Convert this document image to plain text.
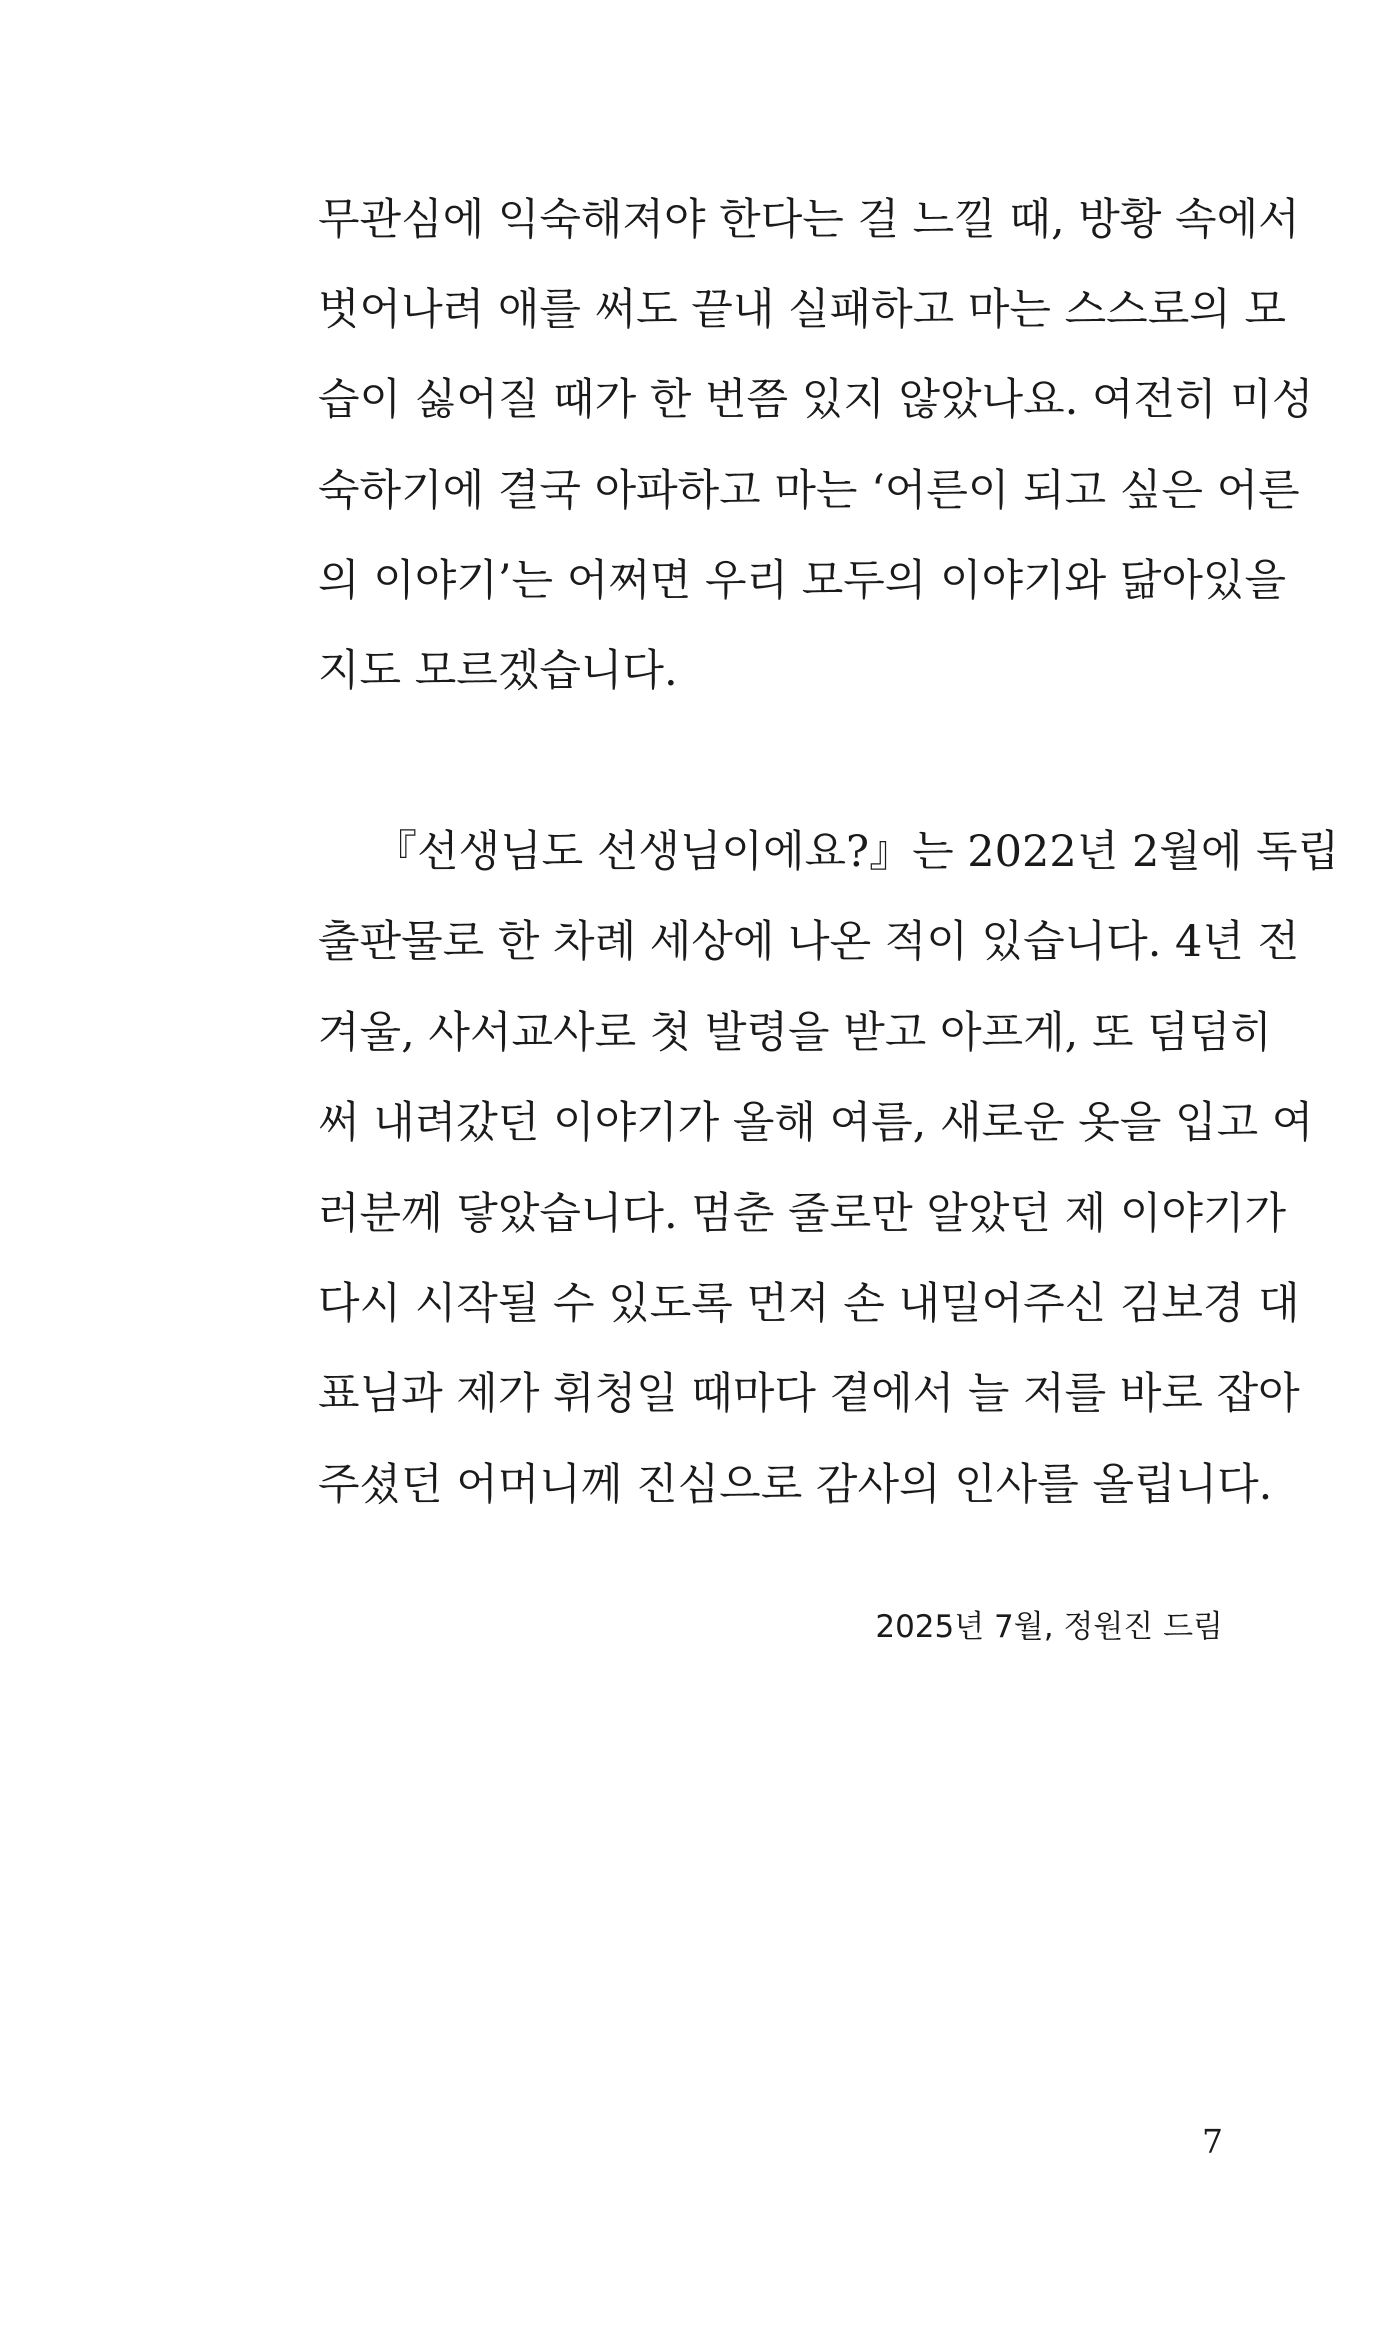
무관심에 익숙해져야 한다는 걸 느낄 때, 방황 속에서
벗어나려 애를 써도 끝내 실패하고 마는 스스로의 모
습이 싫어질 때가 한 번쯤 있지 않았나요. 여전히 미성
숙하기에 결국 아파하고 마는 ‘어른이 되고 싶은 어른
의 이야기’는 어쩌면 우리 모두의 이야기와 닮아있을
지도 모르겠습니다.
『선생님도 선생님이에요?』는 2022년 2월에 독립
출판물로 한 차례 세상에 나온 적이 있습니다. 4년 전
겨울, 사서교사로 첫 발령을 받고 아프게, 또 덤덤히
써 내려갔던 이야기가 올해 여름, 새로운 옷을 입고 여
러분께 닿았습니다. 멈춘 줄로만 알았던 제 이야기가
다시 시작될 수 있도록 먼저 손 내밀어주신 김보경 대
표님과 제가 휘청일 때마다 곁에서 늘 저를 바로 잡아
주셨던 어머니께 진심으로 감사의 인사를 올립니다.
2025년 7월, 정원진 드림
7
